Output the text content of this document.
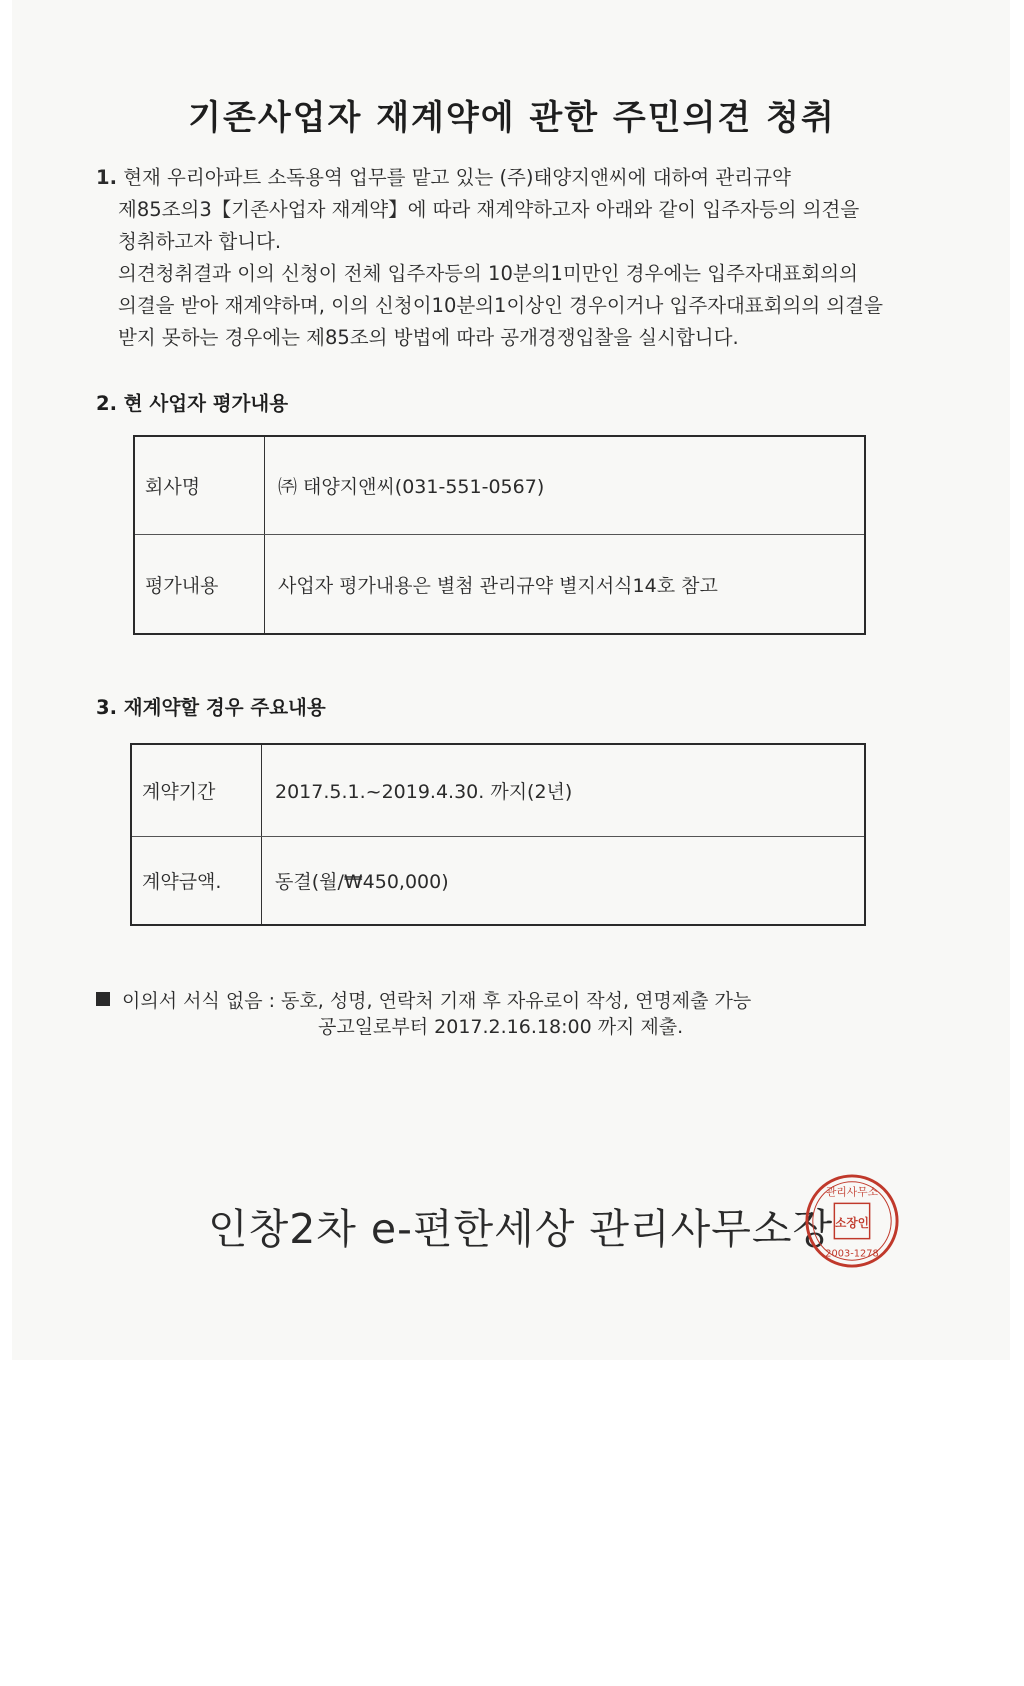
기존사업자 재계약에 관한 주민의견 청취
1. 현재 우리아파트 소독용역 업무를 맡고 있는 (주)태양지앤씨에 대하여 관리규약
제85조의3【기존사업자 재계약】에 따라 재계약하고자 아래와 같이 입주자등의 의견을
청취하고자 합니다.
의견청취결과 이의 신청이 전체 입주자등의 10분의1미만인 경우에는 입주자대표회의의
의결을 받아 재계약하며, 이의 신청이10분의1이상인 경우이거나 입주자대표회의의 의결을
받지 못하는 경우에는 제85조의 방법에 따라 공개경쟁입찰을 실시합니다.
2. 현 사업자 평가내용
회사명	㈜ 태양지앤씨(031-551-0567)
평가내용	사업자 평가내용은 별첨 관리규약 별지서식14호 참고
3. 재계약할 경우 주요내용
계약기간	2017.5.1.~2019.4.30. 까지(2년)
계약금액.	동결(월/₩450,000)
이의서 서식 없음 : 동호, 성명, 연락처 기재 후 자유로이 작성, 연명제출 가능
공고일로부터 2017.2.16.18:00 까지 제출.
인창2차 e-편한세상 관리사무소장
관리사무소
소장인
2003-1278
